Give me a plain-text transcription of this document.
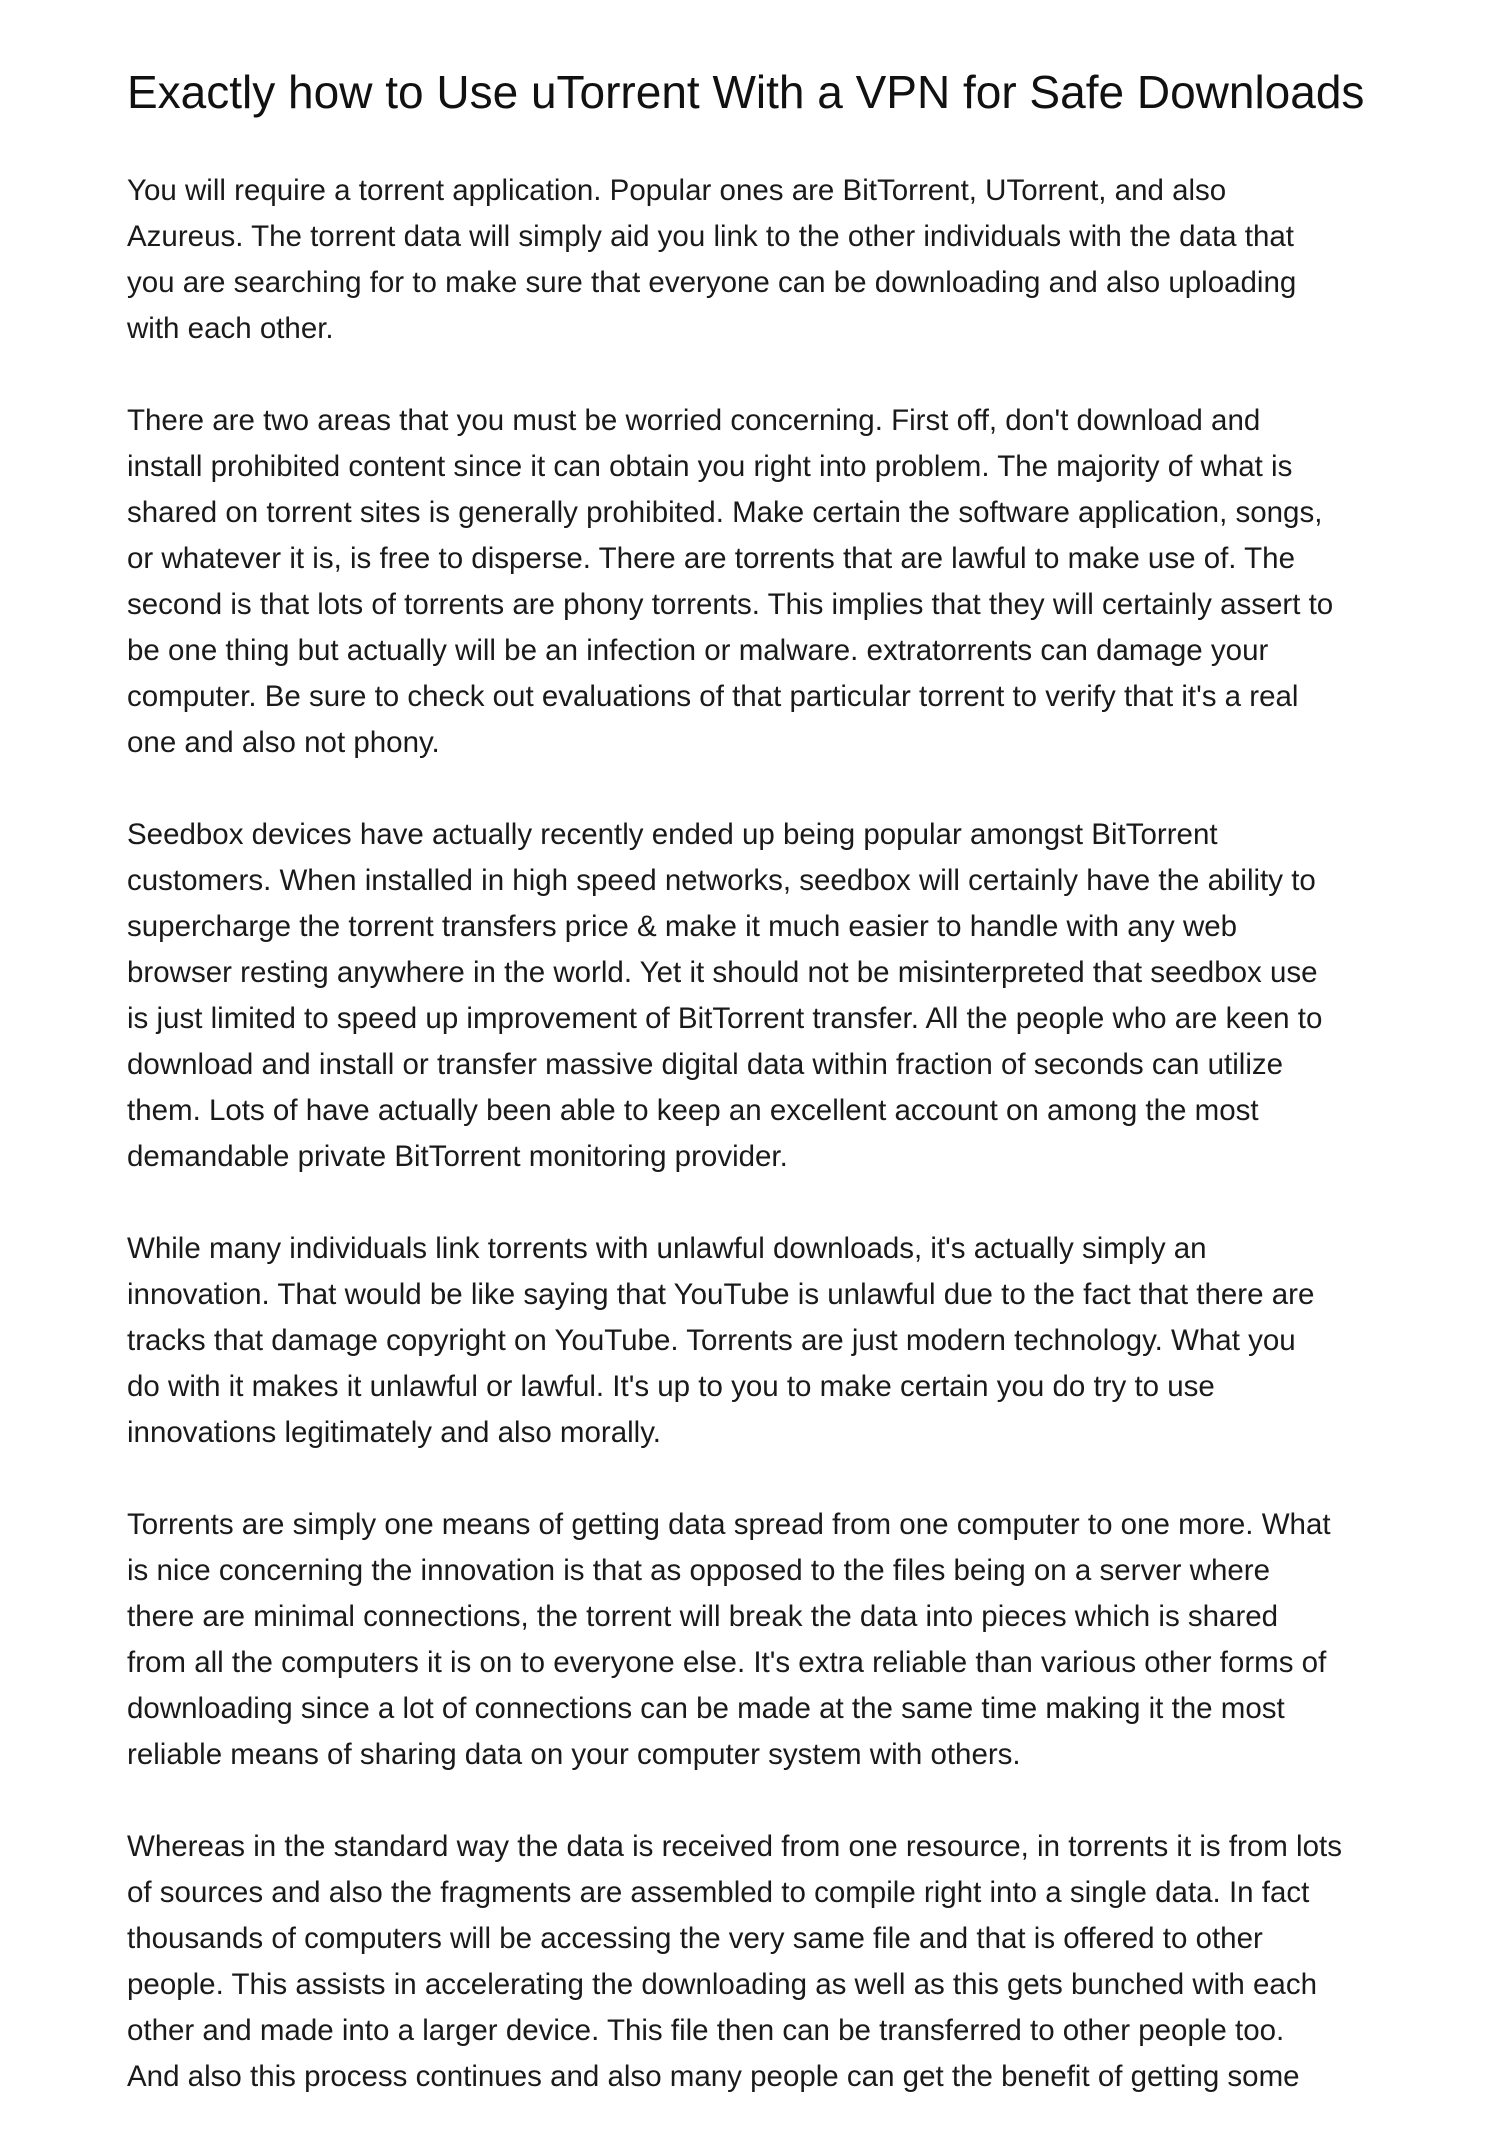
Exactly how to Use uTorrent With a VPN for Safe Downloads
You will require a torrent application. Popular ones are BitTorrent, UTorrent, and also
Azureus. The torrent data will simply aid you link to the other individuals with the data that
you are searching for to make sure that everyone can be downloading and also uploading
with each other.
There are two areas that you must be worried concerning. First off, don't download and
install prohibited content since it can obtain you right into problem. The majority of what is
shared on torrent sites is generally prohibited. Make certain the software application, songs,
or whatever it is, is free to disperse. There are torrents that are lawful to make use of. The
second is that lots of torrents are phony torrents. This implies that they will certainly assert to
be one thing but actually will be an infection or malware. extratorrents can damage your
computer. Be sure to check out evaluations of that particular torrent to verify that it's a real
one and also not phony.
Seedbox devices have actually recently ended up being popular amongst BitTorrent
customers. When installed in high speed networks, seedbox will certainly have the ability to
supercharge the torrent transfers price & make it much easier to handle with any web
browser resting anywhere in the world. Yet it should not be misinterpreted that seedbox use
is just limited to speed up improvement of BitTorrent transfer. All the people who are keen to
download and install or transfer massive digital data within fraction of seconds can utilize
them. Lots of have actually been able to keep an excellent account on among the most
demandable private BitTorrent monitoring provider.
While many individuals link torrents with unlawful downloads, it's actually simply an
innovation. That would be like saying that YouTube is unlawful due to the fact that there are
tracks that damage copyright on YouTube. Torrents are just modern technology. What you
do with it makes it unlawful or lawful. It's up to you to make certain you do try to use
innovations legitimately and also morally.
Torrents are simply one means of getting data spread from one computer to one more. What
is nice concerning the innovation is that as opposed to the files being on a server where
there are minimal connections, the torrent will break the data into pieces which is shared
from all the computers it is on to everyone else. It's extra reliable than various other forms of
downloading since a lot of connections can be made at the same time making it the most
reliable means of sharing data on your computer system with others.
Whereas in the standard way the data is received from one resource, in torrents it is from lots
of sources and also the fragments are assembled to compile right into a single data. In fact
thousands of computers will be accessing the very same file and that is offered to other
people. This assists in accelerating the downloading as well as this gets bunched with each
other and made into a larger device. This file then can be transferred to other people too.
And also this process continues and also many people can get the benefit of getting some
